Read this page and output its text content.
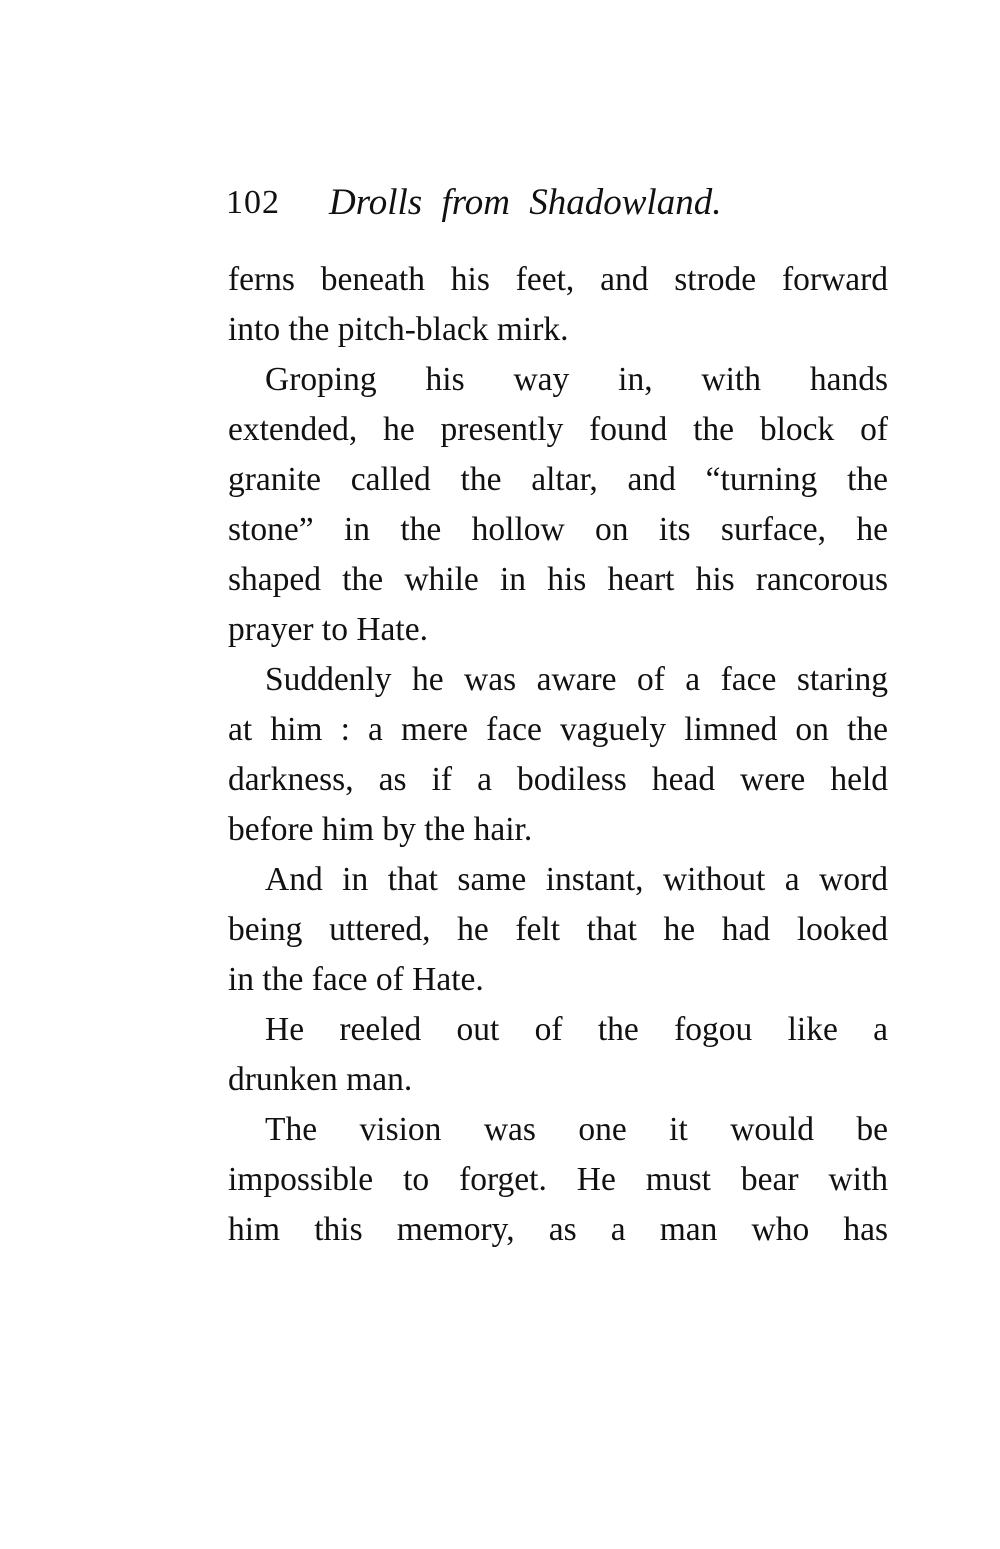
102 Drolls from Shadowland.
ferns beneath his feet, and strode forward
into the pitch-black mirk.
Groping his way in, with hands
extended, he presently found the block of
granite called the altar, and “turning the
stone” in the hollow on its surface, he
shaped the while in his heart his rancorous
prayer to Hate.
Suddenly he was aware of a face staring
at him : a mere face vaguely limned on the
darkness, as if a bodiless head were held
before him by the hair.
And in that same instant, without a word
being uttered, he felt that he had looked
in the face of Hate.
He reeled out of the fogou like a
drunken man.
The vision was one it would be
impossible to forget. He must bear with
him this memory, as a man who has
